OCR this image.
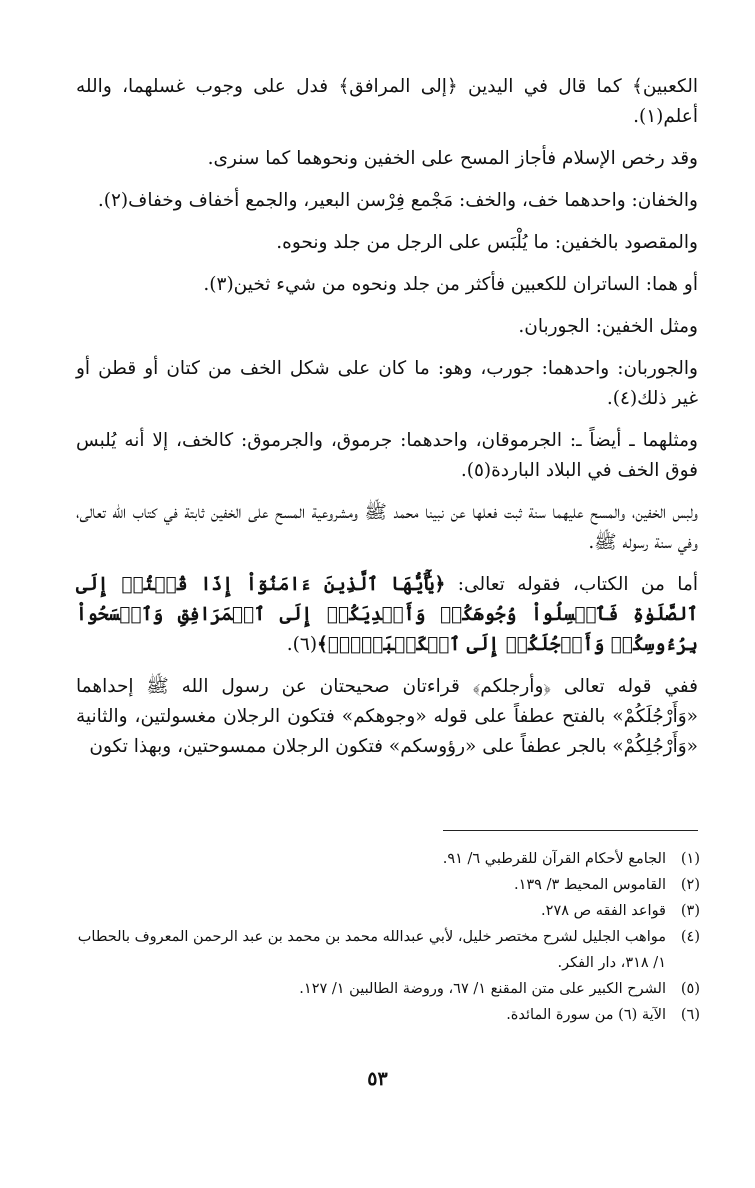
الكعبين﴾ كما قال في اليدين ﴿إلى المرافق﴾ فدل على وجوب غسلهما، والله أعلم(١).

وقد رخص الإسلام فأجاز المسح على الخفين ونحوهما كما سنرى.

والخفان: واحدهما خف، والخف: مَجْمع فِرْسن البعير، والجمع أخفاف وخفاف(٢).

والمقصود بالخفين: ما يُلْبَس على الرجل من جلد ونحوه.

أو هما: الساتران للكعبين فأكثر من جلد ونحوه من شيء ثخين(٣).

ومثل الخفين: الجوربان.

والجوربان: واحدهما: جورب، وهو: ما كان على شكل الخف من كتان أو قطن أو غير ذلك(٤).

ومثلهما ـ أيضاً ـ: الجرموقان، واحدهما: جرموق، والجرموق: كالخف، إلا أنه يُلبس فوق الخف في البلاد الباردة(٥).

ولبس الخفين، والمسح عليهما سنة ثبت فعلها عن نبينا محمد ﷺ ومشروعية المسح على الخفين ثابتة في كتاب الله تعالى، وفي سنة رسوله ﷺ.

أما من الكتاب، فقوله تعالى: ﴿يَٰٓأَيُّهَا ٱلَّذِينَ ءَامَنُوٓاْ إِذَا قُمۡتُمۡ إِلَى ٱلصَّلَوٰةِ فَٱغۡسِلُواْ وُجُوهَكُمۡ وَأَيۡدِيَكُمۡ إِلَى ٱلۡمَرَافِقِ وَٱمۡسَحُواْ بِرُءُوسِكُمۡ وَأَرۡجُلَكُمۡ إِلَى ٱلۡكَعۡبَيۡنِۚ﴾(٦).

ففي قوله تعالى ﴿وأرجلكم﴾ قراءتان صحيحتان عن رسول الله ﷺ إحداهما «وَأَرْجُلَكُمْ» بالفتح عطفاً على قوله «وجوهكم» فتكون الرجلان مغسولتين، والثانية «وَأَرْجُلِكُمْ» بالجر عطفاً على «رؤوسكم» فتكون الرجلان ممسوحتين، وبهذا تكون

(١)
الجامع لأحكام القرآن للقرطبي ٦/ ٩١.
(٢)
القاموس المحيط ٣/ ١٣٩.
(٣)
قواعد الفقه ص ٢٧٨.
(٤)
مواهب الجليل لشرح مختصر خليل، لأبي عبدالله محمد بن محمد بن عبد الرحمن المعروف بالحطاب ١/ ٣١٨، دار الفكر.
(٥)
الشرح الكبير على متن المقنع ١/ ٦٧، وروضة الطالبين ١/ ١٢٧.
(٦)
الآية (٦) من سورة المائدة.
٥٣
